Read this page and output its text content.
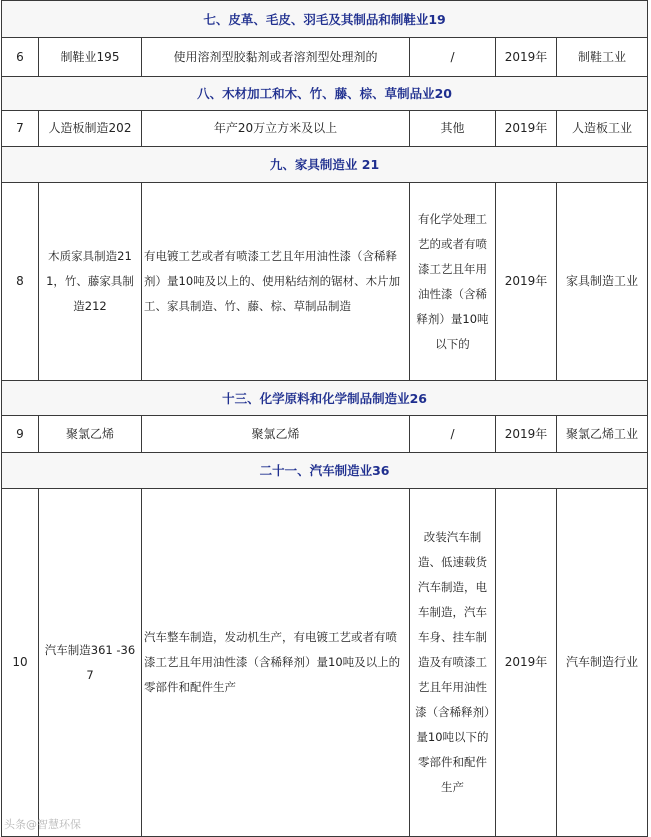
七、皮革、毛皮、羽毛及其制品和制鞋业19					
6	制鞋业195	使用溶剂型胶黏剂或者溶剂型处理剂的	/	2019年	制鞋工业
八、木材加工和木、竹、藤、棕、草制品业20					
7	人造板制造202	年产20万立方米及以上	其他	2019年	人造板工业
九、家具制造业 21					
8	木质家具制造211，竹、藤家具制造212	有电镀工艺或者有喷漆工艺且年用油性漆（含稀释剂）量10吨及以上的、使用粘结剂的锯材、木片加工、家具制造、竹、藤、棕、草制品制造	有化学处理工艺的或者有喷漆工艺且年用油性漆（含稀释剂）量10吨以下的	2019年	家具制造工业
十三、化学原料和化学制品制造业26					
9	聚氯乙烯	聚氯乙烯	/	2019年	聚氯乙烯工业
二十一、汽车制造业36					
10	汽车制造361 -367	汽车整车制造，发动机生产，有电镀工艺或者有喷漆工艺且年用油性漆（含稀释剂）量10吨及以上的零部件和配件生产	改装汽车制造、低速载货汽车制造，电车制造，汽车车身、挂车制造及有喷漆工艺且年用油性漆（含稀释剂）量10吨以下的零部件和配件生产	2019年	汽车制造行业
头条@智慧环保
